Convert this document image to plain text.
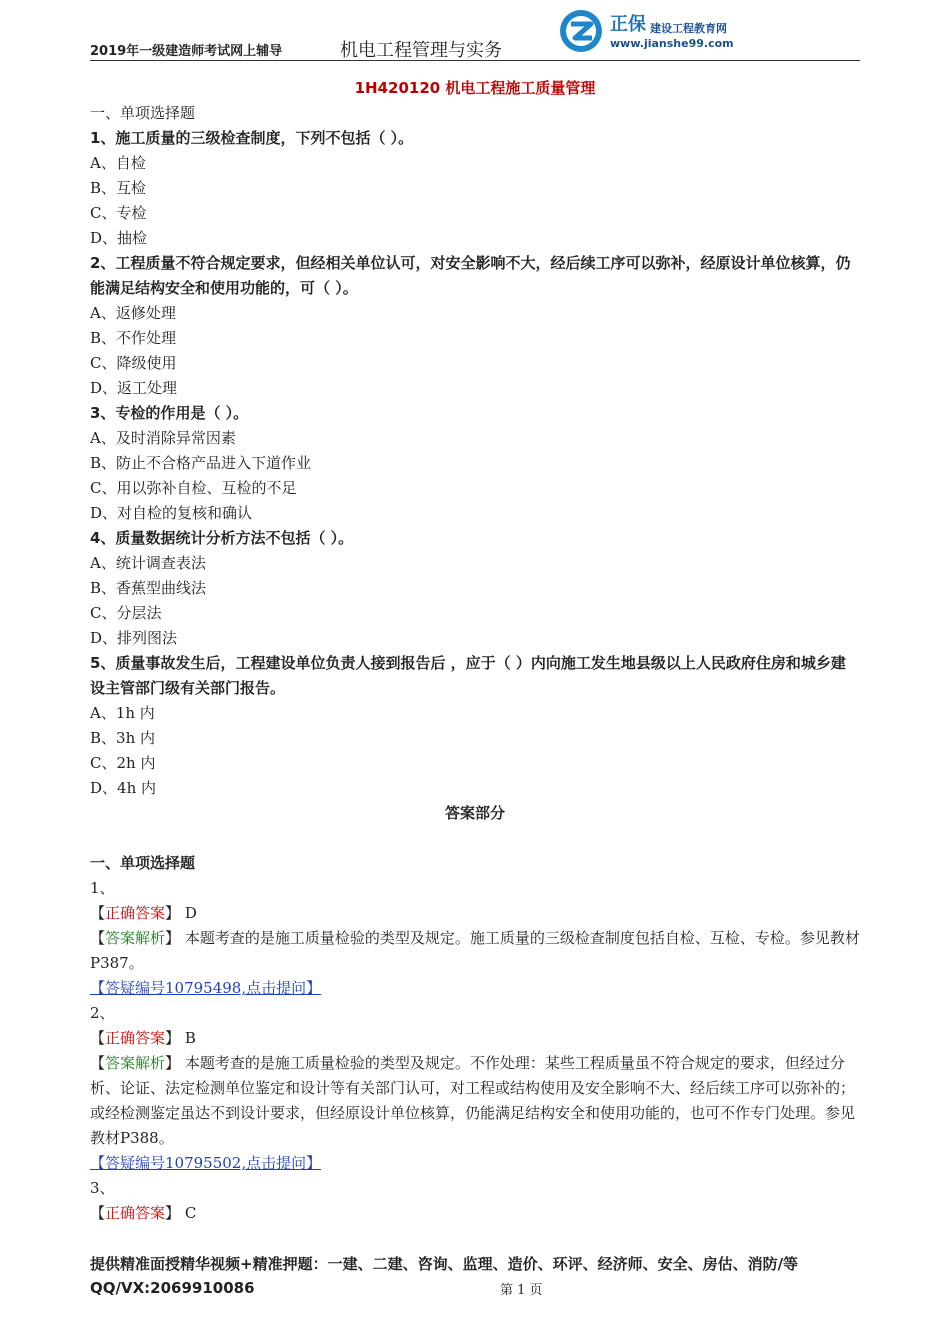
2019年一级建造师考试网上辅导	机电工程管理与实务
正保 建设工程教育网
www.jianshe99.com
1H420120 机电工程施工质量管理
一、单项选择题
1、施工质量的三级检查制度，下列不包括（ ）。
A、自检
B、互检
C、专检
D、抽检
2、工程质量不符合规定要求，但经相关单位认可，对安全影响不大，经后续工序可以弥补，经原设计单位核算，仍能满足结构安全和使用功能的，可（ ）。
A、返修处理
B、不作处理
C、降级使用
D、返工处理
3、专检的作用是（ ）。
A、及时消除异常因素
B、防止不合格产品进入下道作业
C、用以弥补自检、互检的不足
D、对自检的复核和确认
4、质量数据统计分析方法不包括（ ）。
A、统计调查表法
B、香蕉型曲线法
C、分层法
D、排列图法
5、质量事故发生后，工程建设单位负责人接到报告后 ，应于（ ）内向施工发生地县级以上人民政府住房和城乡建设主管部门级有关部门报告。
A、1h 内
B、3h 内
C、2h 内
D、4h 内
答案部分
一、单项选择题
1、
【正确答案】 D
【答案解析】 本题考查的是施工质量检验的类型及规定。施工质量的三级检查制度包括自检、互检、专检。参见教材P387。
【答疑编号10795498,点击提问】
2、
【正确答案】 B
【答案解析】 本题考查的是施工质量检验的类型及规定。不作处理：某些工程质量虽不符合规定的要求，但经过分析、论证、法定检测单位鉴定和设计等有关部门认可，对工程或结构使用及安全影响不大、经后续工序可以弥补的；或经检测鉴定虽达不到设计要求，但经原设计单位核算，仍能满足结构安全和使用功能的，也可不作专门处理。参见教材P388。
【答疑编号10795502,点击提问】
3、
【正确答案】 C
提供精准面授精华视频+精准押题：一建、二建、咨询、监理、造价、环评、经济师、安全、房估、消防/等
QQ/VX:2069910086	第 1 页
